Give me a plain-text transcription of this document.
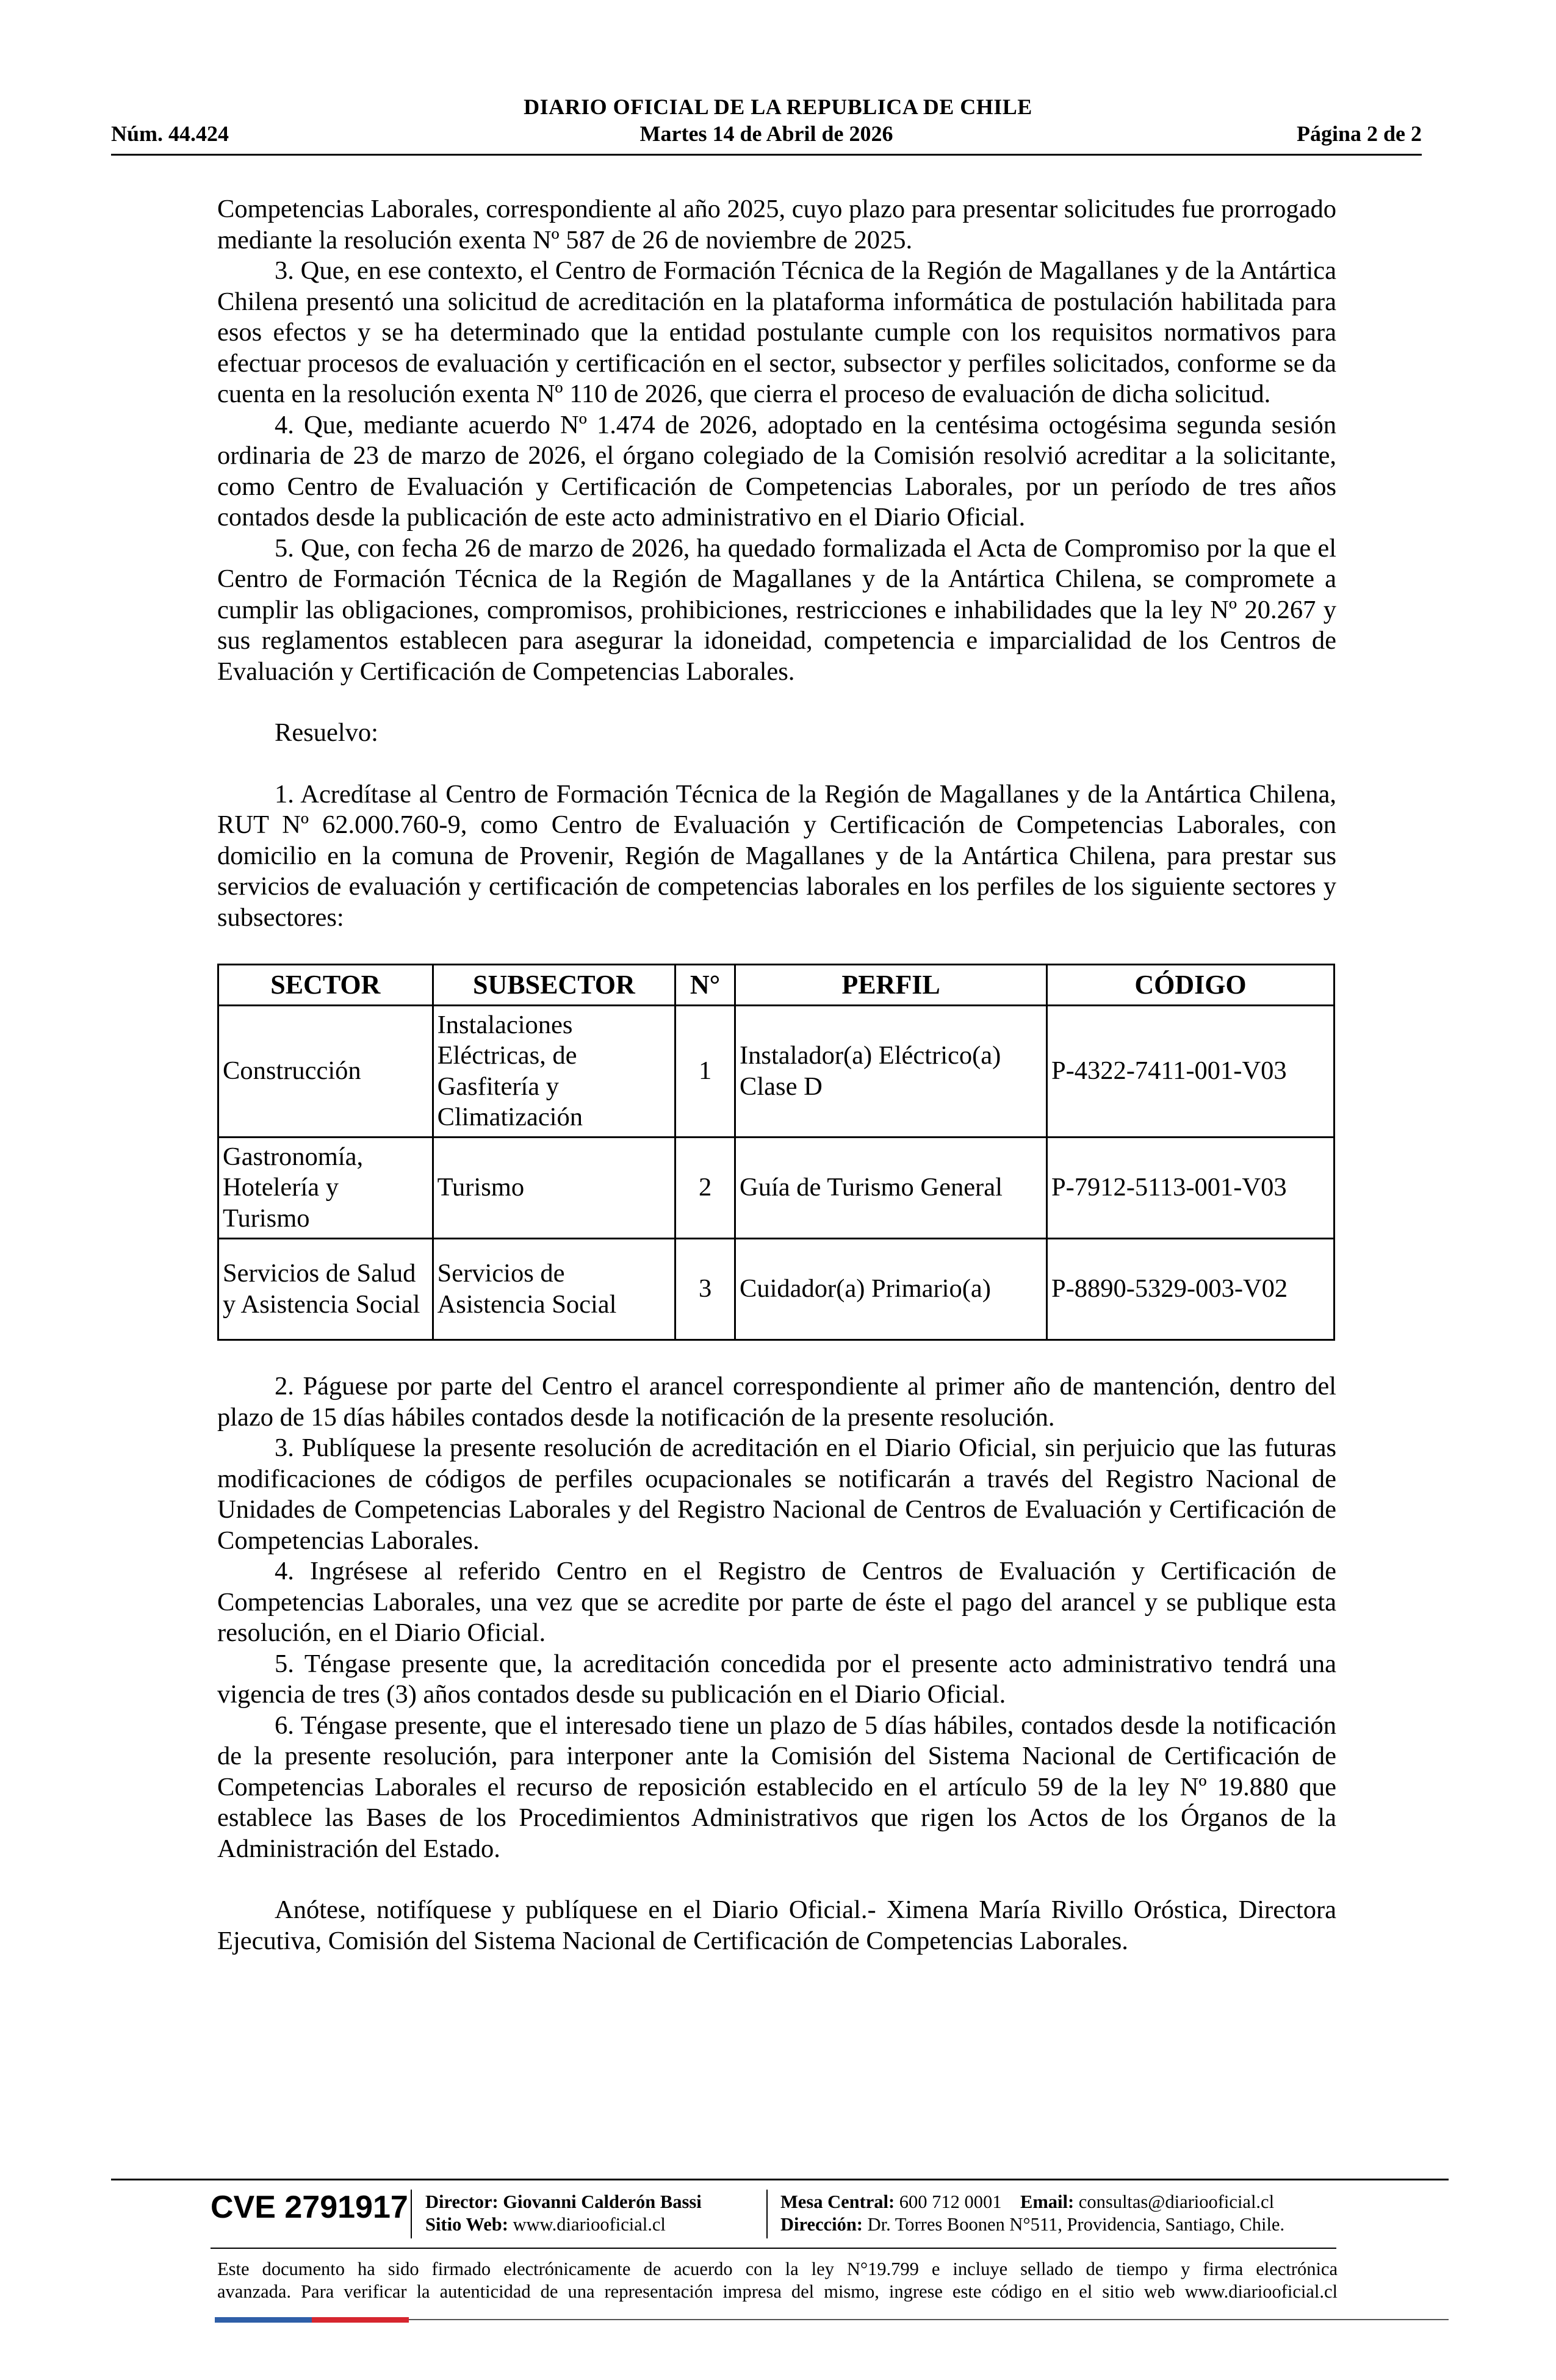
DIARIO OFICIAL DE LA REPUBLICA DE CHILE
Martes 14 de Abril de 2026
Núm. 44.424	Página 2 de 2

Competencias Laborales, correspondiente al año 2025, cuyo plazo para presentar solicitudes fue prorrogado mediante la resolución exenta Nº 587 de 26 de noviembre de 2025.

3. Que, en ese contexto, el Centro de Formación Técnica de la Región de Magallanes y de la Antártica Chilena presentó una solicitud de acreditación en la plataforma informática de postulación habilitada para esos efectos y se ha determinado que la entidad postulante cumple con los requisitos normativos para efectuar procesos de evaluación y certificación en el sector, subsector y perfiles solicitados, conforme se da cuenta en la resolución exenta Nº 110 de 2026, que cierra el proceso de evaluación de dicha solicitud.

4. Que, mediante acuerdo Nº 1.474 de 2026, adoptado en la centésima octogésima segunda sesión ordinaria de 23 de marzo de 2026, el órgano colegiado de la Comisión resolvió acreditar a la solicitante, como Centro de Evaluación y Certificación de Competencias Laborales, por un período de tres años contados desde la publicación de este acto administrativo en el Diario Oficial.

5. Que, con fecha 26 de marzo de 2026, ha quedado formalizada el Acta de Compromiso por la que el Centro de Formación Técnica de la Región de Magallanes y de la Antártica Chilena, se compromete a cumplir las obligaciones, compromisos, prohibiciones, restricciones e inhabilidades que la ley Nº 20.267 y sus reglamentos establecen para asegurar la idoneidad, competencia e imparcialidad de los Centros de Evaluación y Certificación de Competencias Laborales.

Resuelvo:

1. Acredítase al Centro de Formación Técnica de la Región de Magallanes y de la Antártica Chilena, RUT Nº 62.000.760-9, como Centro de Evaluación y Certificación de Competencias Laborales, con domicilio en la comuna de Provenir, Región de Magallanes y de la Antártica Chilena, para prestar sus servicios de evaluación y certificación de competencias laborales en los perfiles de los siguiente sectores y subsectores:

SECTOR	SUBSECTOR	N°	PERFIL	CÓDIGO
Construcción	Instalaciones Eléctricas, de Gasfitería y Climatización	1	Instalador(a) Eléctrico(a) Clase D	P-4322-7411-001-V03
Gastronomía, Hotelería y Turismo	Turismo	2	Guía de Turismo General	P-7912-5113-001-V03
Servicios de Salud y Asistencia Social	Servicios de Asistencia Social	3	Cuidador(a) Primario(a)	P-8890-5329-003-V02

2. Páguese por parte del Centro el arancel correspondiente al primer año de mantención, dentro del plazo de 15 días hábiles contados desde la notificación de la presente resolución.

3. Publíquese la presente resolución de acreditación en el Diario Oficial, sin perjuicio que las futuras modificaciones de códigos de perfiles ocupacionales se notificarán a través del Registro Nacional de Unidades de Competencias Laborales y del Registro Nacional de Centros de Evaluación y Certificación de Competencias Laborales.

4. Ingrésese al referido Centro en el Registro de Centros de Evaluación y Certificación de Competencias Laborales, una vez que se acredite por parte de éste el pago del arancel y se publique esta resolución, en el Diario Oficial.

5. Téngase presente que, la acreditación concedida por el presente acto administrativo tendrá una vigencia de tres (3) años contados desde su publicación en el Diario Oficial.

6. Téngase presente, que el interesado tiene un plazo de 5 días hábiles, contados desde la notificación de la presente resolución, para interponer ante la Comisión del Sistema Nacional de Certificación de Competencias Laborales el recurso de reposición establecido en el artículo 59 de la ley Nº 19.880 que establece las Bases de los Procedimientos Administrativos que rigen los Actos de los Órganos de la Administración del Estado.

Anótese, notifíquese y publíquese en el Diario Oficial.- Ximena María Rivillo Oróstica, Directora Ejecutiva, Comisión del Sistema Nacional de Certificación de Competencias Laborales.

CVE 2791917 Director: Giovanni Calderón Bassi
Sitio Web: www.diariooficial.cl
Mesa Central: 600 712 0001 Email: consultas@diariooficial.cl
Dirección: Dr. Torres Boonen N°511, Providencia, Santiago, Chile.
Este documento ha sido firmado electrónicamente de acuerdo con la ley N°19.799 e incluye sellado de tiempo y firma electrónica
avanzada. Para verificar la autenticidad de una representación impresa del mismo, ingrese este código en el sitio web www.diariooficial.cl
